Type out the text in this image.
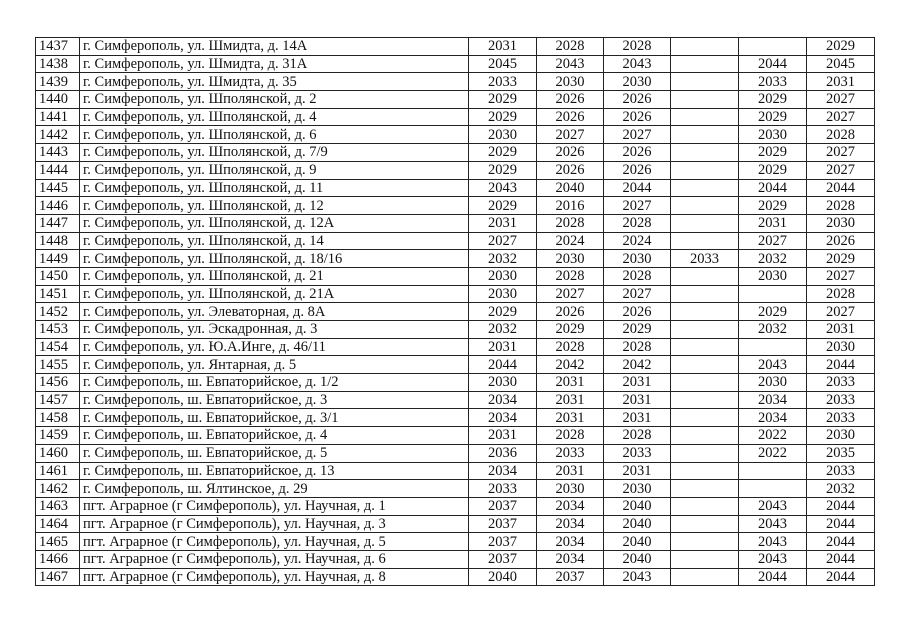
1437	г. Симферополь, ул. Шмидта, д. 14А	2031	2028	2028			2029
1438	г. Симферополь, ул. Шмидта, д. 31А	2045	2043	2043		2044	2045
1439	г. Симферополь, ул. Шмидта, д. 35	2033	2030	2030		2033	2031
1440	г. Симферополь, ул. Шполянской, д. 2	2029	2026	2026		2029	2027
1441	г. Симферополь, ул. Шполянской, д. 4	2029	2026	2026		2029	2027
1442	г. Симферополь, ул. Шполянской, д. 6	2030	2027	2027		2030	2028
1443	г. Симферополь, ул. Шполянской, д. 7/9	2029	2026	2026		2029	2027
1444	г. Симферополь, ул. Шполянской, д. 9	2029	2026	2026		2029	2027
1445	г. Симферополь, ул. Шполянской, д. 11	2043	2040	2044		2044	2044
1446	г. Симферополь, ул. Шполянской, д. 12	2029	2016	2027		2029	2028
1447	г. Симферополь, ул. Шполянской, д. 12А	2031	2028	2028		2031	2030
1448	г. Симферополь, ул. Шполянской, д. 14	2027	2024	2024		2027	2026
1449	г. Симферополь, ул. Шполянской, д. 18/16	2032	2030	2030	2033	2032	2029
1450	г. Симферополь, ул. Шполянской, д. 21	2030	2028	2028		2030	2027
1451	г. Симферополь, ул. Шполянской, д. 21А	2030	2027	2027			2028
1452	г. Симферополь, ул. Элеваторная, д. 8А	2029	2026	2026		2029	2027
1453	г. Симферополь, ул. Эскадронная, д. 3	2032	2029	2029		2032	2031
1454	г. Симферополь, ул. Ю.А.Инге, д. 46/11	2031	2028	2028			2030
1455	г. Симферополь, ул. Янтарная, д. 5	2044	2042	2042		2043	2044
1456	г. Симферополь, ш. Евпаторийское, д. 1/2	2030	2031	2031		2030	2033
1457	г. Симферополь, ш. Евпаторийское, д. 3	2034	2031	2031		2034	2033
1458	г. Симферополь, ш. Евпаторийское, д. 3/1	2034	2031	2031		2034	2033
1459	г. Симферополь, ш. Евпаторийское, д. 4	2031	2028	2028		2022	2030
1460	г. Симферополь, ш. Евпаторийское, д. 5	2036	2033	2033		2022	2035
1461	г. Симферополь, ш. Евпаторийское, д. 13	2034	2031	2031			2033
1462	г. Симферополь, ш. Ялтинское, д. 29	2033	2030	2030			2032
1463	пгт. Аграрное (г Симферополь), ул. Научная, д. 1	2037	2034	2040		2043	2044
1464	пгт. Аграрное (г Симферополь), ул. Научная, д. 3	2037	2034	2040		2043	2044
1465	пгт. Аграрное (г Симферополь), ул. Научная, д. 5	2037	2034	2040		2043	2044
1466	пгт. Аграрное (г Симферополь), ул. Научная, д. 6	2037	2034	2040		2043	2044
1467	пгт. Аграрное (г Симферополь), ул. Научная, д. 8	2040	2037	2043		2044	2044
